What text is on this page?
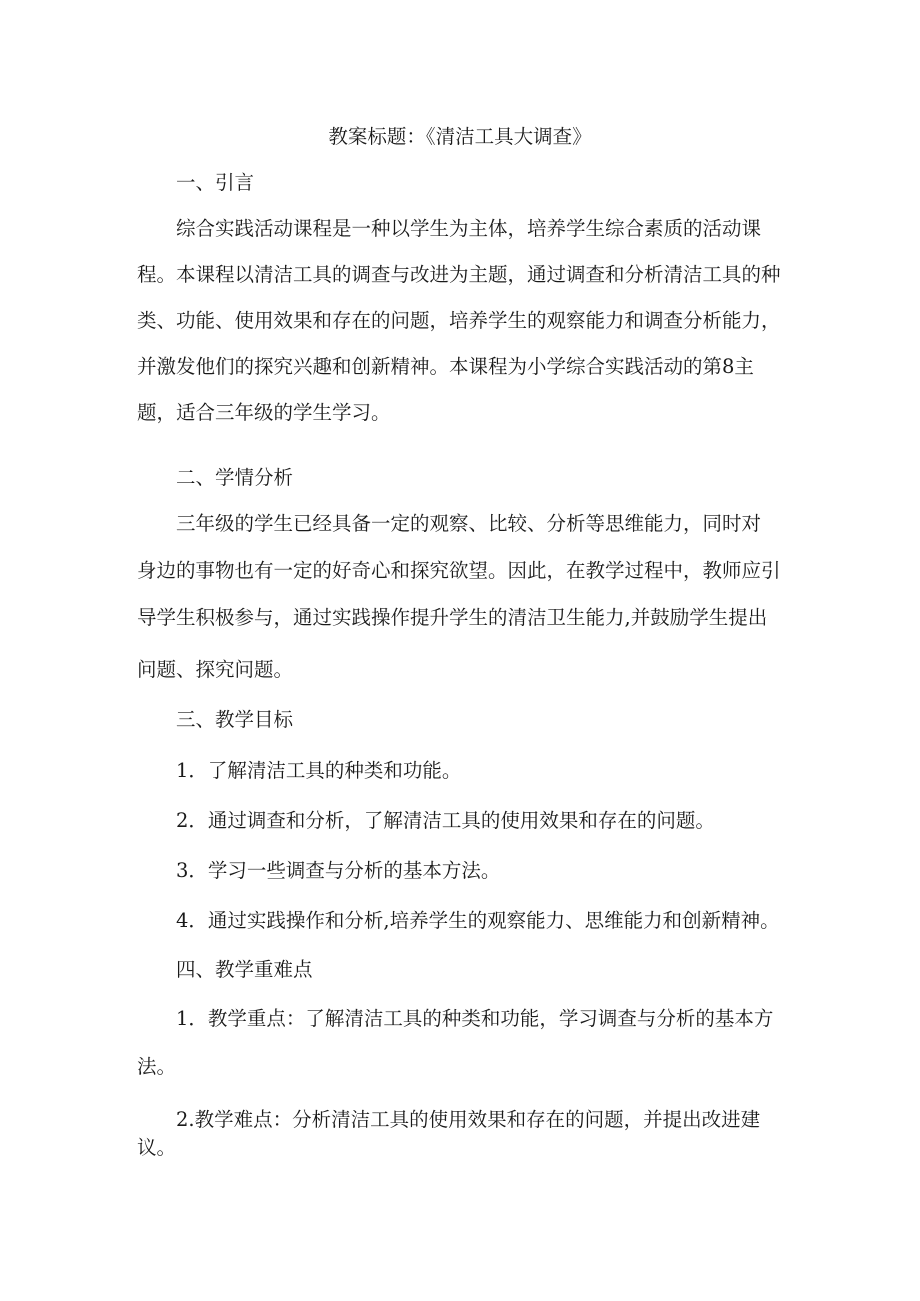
教案标题：《清洁工具大调查》
一、引言
综合实践活动课程是一种以学生为主体，培养学生综合素质的活动课
程。本课程以清洁工具的调查与改进为主题，通过调查和分析清洁工具的种
类、功能、使用效果和存在的问题，培养学生的观察能力和调查分析能力，
并激发他们的探究兴趣和创新精神。本课程为小学综合实践活动的第8主
题，适合三年级的学生学习。
二、学情分析
三年级的学生已经具备一定的观察、比较、分析等思维能力，同时对
身边的事物也有一定的好奇心和探究欲望。因此，在教学过程中，教师应引
导学生积极参与，通过实践操作提升学生的清洁卫生能力,并鼓励学生提出
问题、探究问题。
三、教学目标
1．了解清洁工具的种类和功能。
2．通过调查和分析，了解清洁工具的使用效果和存在的问题。
3．学习一些调查与分析的基本方法。
4．通过实践操作和分析,培养学生的观察能力、思维能力和创新精神。
四、教学重难点
1．教学重点：了解清洁工具的种类和功能，学习调查与分析的基本方
法。
2.教学难点：分析清洁工具的使用效果和存在的问题，并提出改进建
议。
